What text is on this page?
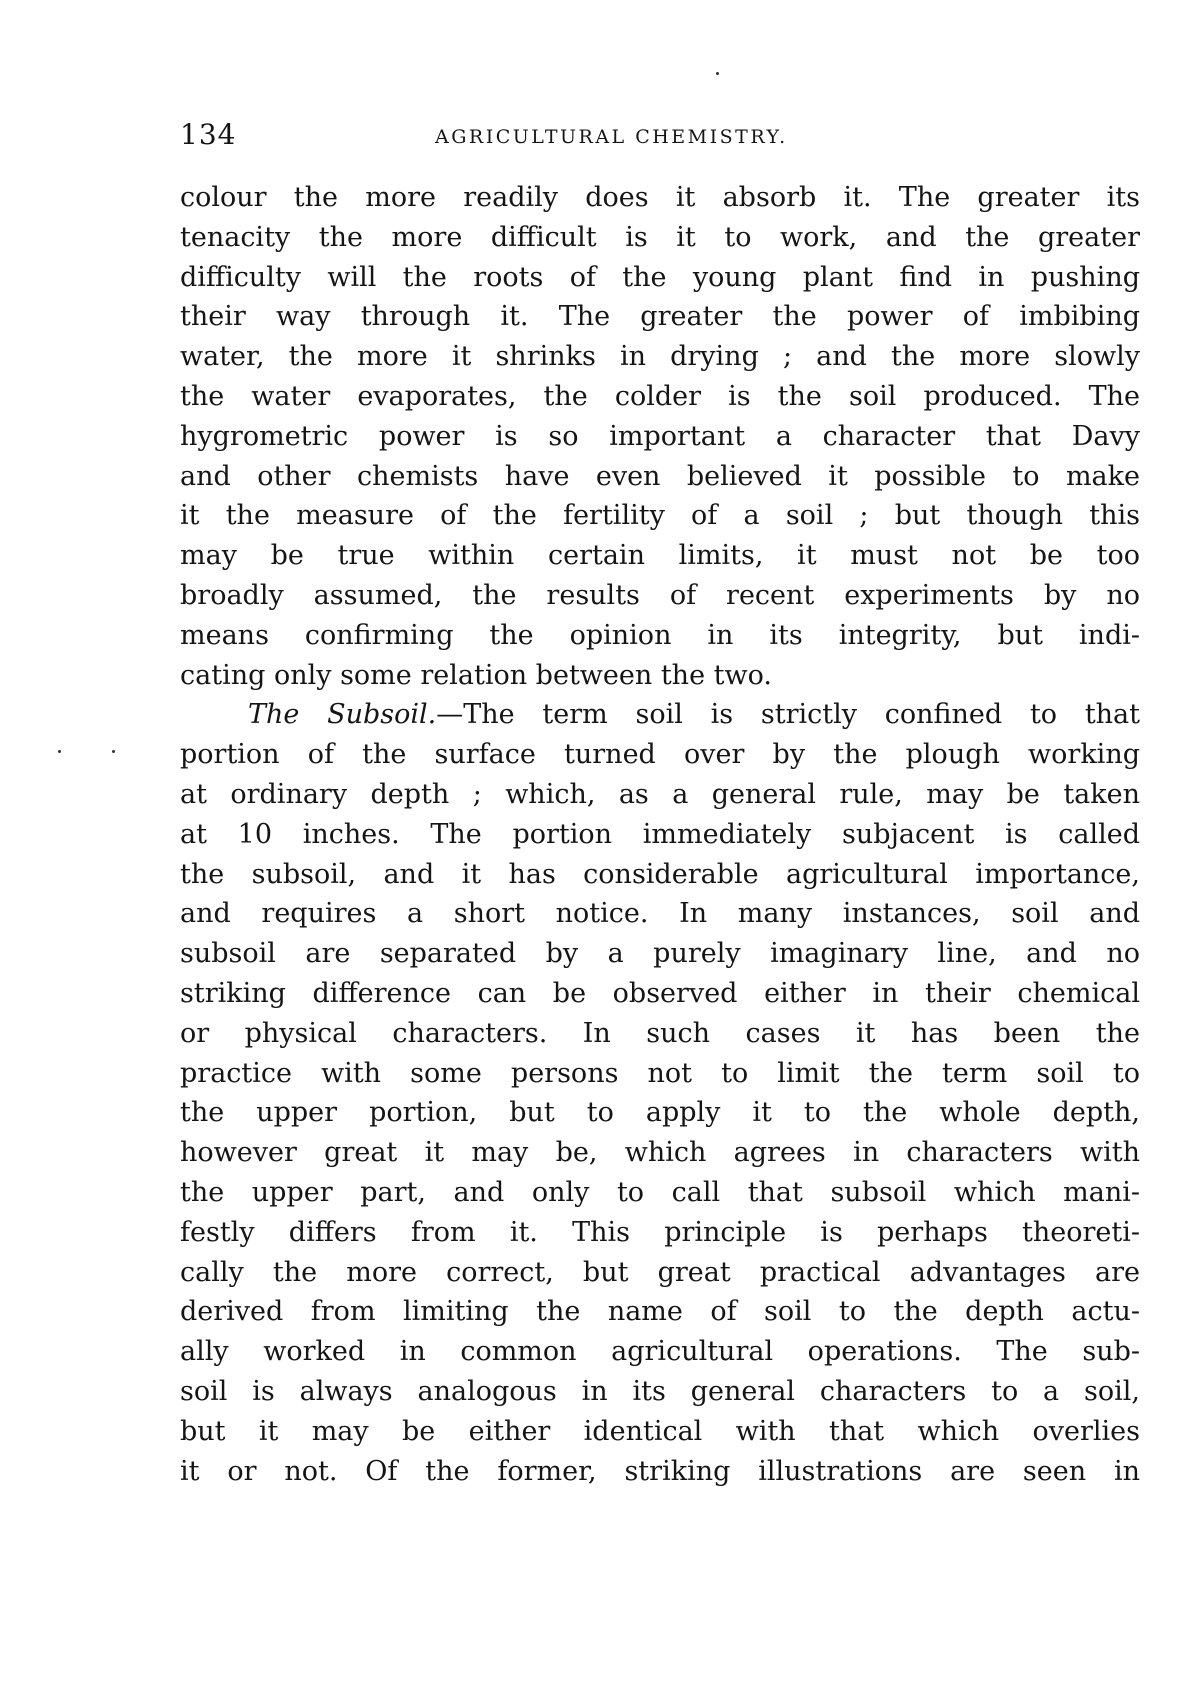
134	AGRICULTURAL CHEMISTRY.
colour the more readily does it absorb it. The greater its
tenacity the more difficult is it to work, and the greater
difficulty will the roots of the young plant find in pushing
their way through it. The greater the power of imbibing
water, the more it shrinks in drying ; and the more slowly
the water evaporates, the colder is the soil produced. The
hygrometric power is so important a character that Davy
and other chemists have even believed it possible to make
it the measure of the fertility of a soil ; but though this
may be true within certain limits, it must not be too
broadly assumed, the results of recent experiments by no
means confirming the opinion in its integrity, but indi-
cating only some relation between the two.
The Subsoil.—The term soil is strictly confined to that
portion of the surface turned over by the plough working
at ordinary depth ; which, as a general rule, may be taken
at 10 inches. The portion immediately subjacent is called
the subsoil, and it has considerable agricultural importance,
and requires a short notice. In many instances, soil and
subsoil are separated by a purely imaginary line, and no
striking difference can be observed either in their chemical
or physical characters. In such cases it has been the
practice with some persons not to limit the term soil to
the upper portion, but to apply it to the whole depth,
however great it may be, which agrees in characters with
the upper part, and only to call that subsoil which mani-
festly differs from it. This principle is perhaps theoreti-
cally the more correct, but great practical advantages are
derived from limiting the name of soil to the depth actu-
ally worked in common agricultural operations. The sub-
soil is always analogous in its general characters to a soil,
but it may be either identical with that which overlies
it or not. Of the former, striking illustrations are seen in
